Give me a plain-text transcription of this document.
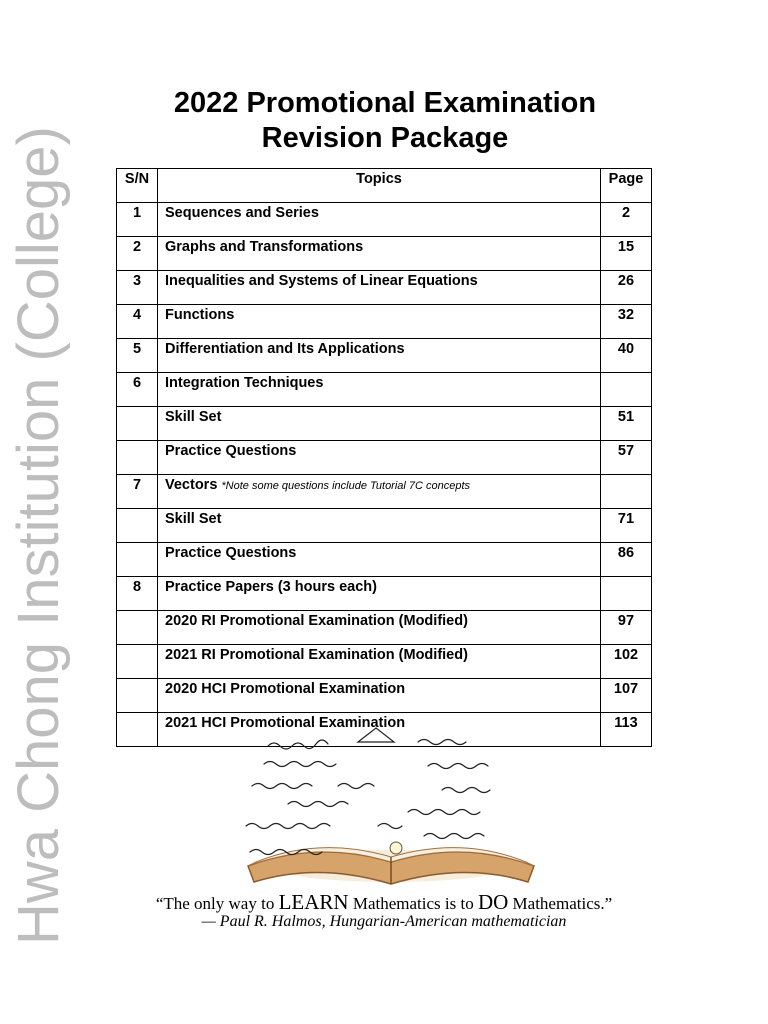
Hwa Chong Institution (College)
2022 Promotional Examination
Revision Package
S/N	Topics	Page
1	Sequences and Series	2
2	Graphs and Transformations	15
3	Inequalities and Systems of Linear Equations	26
4	Functions	32
5	Differentiation and Its Applications	40
6	Integration Techniques	
	Skill Set	51
	Practice Questions	57
7	Vectors *Note some questions include Tutorial 7C concepts	
	Skill Set	71
	Practice Questions	86
8	Practice Papers (3 hours each)	
	2020 RI Promotional Examination (Modified)	97
	2021 RI Promotional Examination (Modified)	102
	2020 HCI Promotional Examination	107
	2021 HCI Promotional Examination	113
“The only way to LEARN Mathematics is to DO Mathematics.”
— Paul R. Halmos, Hungarian-American mathematician
